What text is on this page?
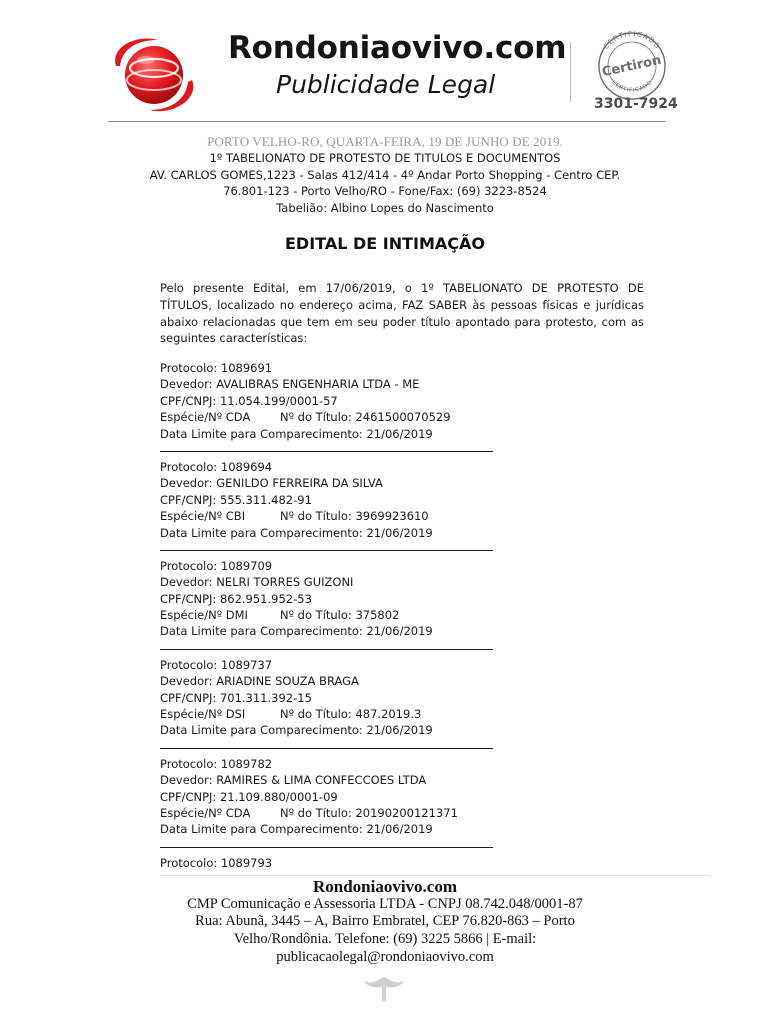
Rondoniaovivo.com
Publicidade Legal
CERTIFICADO
CERTIFICADO
Certiron
3301-7924
PORTO VELHO-RO, QUARTA-FEIRA, 19 DE JUNHO DE 2019.
1º TABELIONATO DE PROTESTO DE TITULOS E DOCUMENTOS
AV. CARLOS GOMES,1223 - Salas 412/414 - 4º Andar Porto Shopping - Centro CEP.
76.801-123 - Porto Velho/RO - Fone/Fax: (69) 3223-8524
Tabelião: Albino Lopes do Nascimento
EDITAL DE INTIMAÇÃO
Pelo presente Edital, em 17/06/2019, o 1º TABELIONATO DE PROTESTO DE TÍTULOS, localizado no endereço acima, FAZ SABER às pessoas físicas e jurídicas abaixo relacionadas que tem em seu poder título apontado para protesto, com as seguintes características:
Protocolo: 1089691
Devedor: AVALIBRAS ENGENHARIA LTDA - ME
CPF/CNPJ: 11.054.199/0001-57
Espécie/Nº CDA	Nº do Título: 2461500070529
Data Limite para Comparecimento: 21/06/2019
Protocolo: 1089694
Devedor: GENILDO FERREIRA DA SILVA
CPF/CNPJ: 555.311.482-91
Espécie/Nº CBI	Nº do Título: 3969923610
Data Limite para Comparecimento: 21/06/2019
Protocolo: 1089709
Devedor: NELRI TORRES GUIZONI
CPF/CNPJ: 862.951.952-53
Espécie/Nº DMI	Nº do Título: 375802
Data Limite para Comparecimento: 21/06/2019
Protocolo: 1089737
Devedor: ARIADINE SOUZA BRAGA
CPF/CNPJ: 701.311.392-15
Espécie/Nº DSI	Nº do Título: 487.2019.3
Data Limite para Comparecimento: 21/06/2019
Protocolo: 1089782
Devedor: RAMIRES & LIMA CONFECCOES LTDA
CPF/CNPJ: 21.109.880/0001-09
Espécie/Nº CDA	Nº do Título: 20190200121371
Data Limite para Comparecimento: 21/06/2019
Protocolo: 1089793
Rondoniaovivo.com
CMP Comunicação e Assessoria LTDA - CNPJ 08.742.048/0001-87
Rua: Abunã, 3445 – A, Bairro Embratel, CEP 76.820-863 – Porto
Velho/Rondônia. Telefone: (69) 3225 5866 | E-mail:
publicacaolegal@rondoniaovivo.com
